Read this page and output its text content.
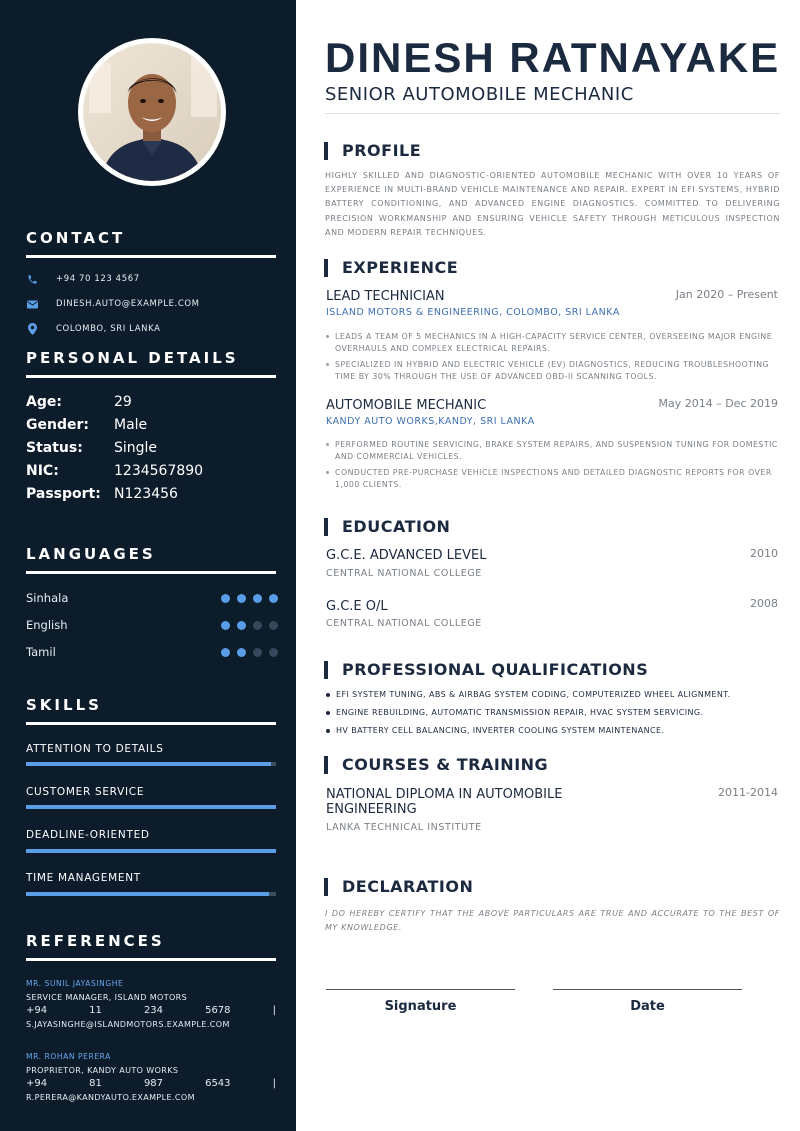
CONTACT
+94 70 123 4567
DINESH.AUTO@EXAMPLE.COM
COLOMBO, SRI LANKA
PERSONAL DETAILS
Age:	29
Gender:	Male
Status:	Single
NIC:	1234567890
Passport: N123456
LANGUAGES
Sinhala
English
Tamil
SKILLS
ATTENTION TO DETAILS
CUSTOMER SERVICE
DEADLINE-ORIENTED
TIME MANAGEMENT
REFERENCES
MR. SUNIL JAYASINGHE
SERVICE MANAGER, ISLAND MOTORS
+94	11	234	5678	|
S.JAYASINGHE@ISLANDMOTORS.EXAMPLE.COM
MR. ROHAN PERERA
PROPRIETOR, KANDY AUTO WORKS
+94	81	987	6543	|
R.PERERA@KANDYAUTO.EXAMPLE.COM
DINESH RATNAYAKE
SENIOR AUTOMOBILE MECHANIC
PROFILE
HIGHLY SKILLED AND DIAGNOSTIC-ORIENTED AUTOMOBILE MECHANIC WITH OVER 10 YEARS OF EXPERIENCE IN MULTI-BRAND VEHICLE MAINTENANCE AND REPAIR. EXPERT IN EFI SYSTEMS, HYBRID BATTERY CONDITIONING, AND ADVANCED ENGINE DIAGNOSTICS. COMMITTED TO DELIVERING PRECISION WORKMANSHIP AND ENSURING VEHICLE SAFETY THROUGH METICULOUS INSPECTION AND MODERN REPAIR TECHNIQUES.
EXPERIENCE
LEAD TECHNICIAN	Jan 2020 – Present
ISLAND MOTORS & ENGINEERING, COLOMBO, SRI LANKA
LEADS A TEAM OF 5 MECHANICS IN A HIGH-CAPACITY SERVICE CENTER, OVERSEEING MAJOR ENGINE OVERHAULS AND COMPLEX ELECTRICAL REPAIRS.
SPECIALIZED IN HYBRID AND ELECTRIC VEHICLE (EV) DIAGNOSTICS, REDUCING TROUBLESHOOTING TIME BY 30% THROUGH THE USE OF ADVANCED OBD-II SCANNING TOOLS.
AUTOMOBILE MECHANIC	May 2014 – Dec 2019
KANDY AUTO WORKS,KANDY, SRI LANKA
PERFORMED ROUTINE SERVICING, BRAKE SYSTEM REPAIRS, AND SUSPENSION TUNING FOR DOMESTIC AND COMMERCIAL VEHICLES.
CONDUCTED PRE-PURCHASE VEHICLE INSPECTIONS AND DETAILED DIAGNOSTIC REPORTS FOR OVER 1,000 CLIENTS.
EDUCATION
G.C.E. ADVANCED LEVEL	2010
CENTRAL NATIONAL COLLEGE
G.C.E O/L	2008
CENTRAL NATIONAL COLLEGE
PROFESSIONAL QUALIFICATIONS
EFI SYSTEM TUNING, ABS & AIRBAG SYSTEM CODING, COMPUTERIZED WHEEL ALIGNMENT.
ENGINE REBUILDING, AUTOMATIC TRANSMISSION REPAIR, HVAC SYSTEM SERVICING.
HV BATTERY CELL BALANCING, INVERTER COOLING SYSTEM MAINTENANCE.
COURSES & TRAINING
NATIONAL DIPLOMA IN AUTOMOBILE ENGINEERING
2011-2014
LANKA TECHNICAL INSTITUTE
DECLARATION
I DO HEREBY CERTIFY THAT THE ABOVE PARTICULARS ARE TRUE AND ACCURATE TO THE BEST OF MY KNOWLEDGE.
Signature	Date
